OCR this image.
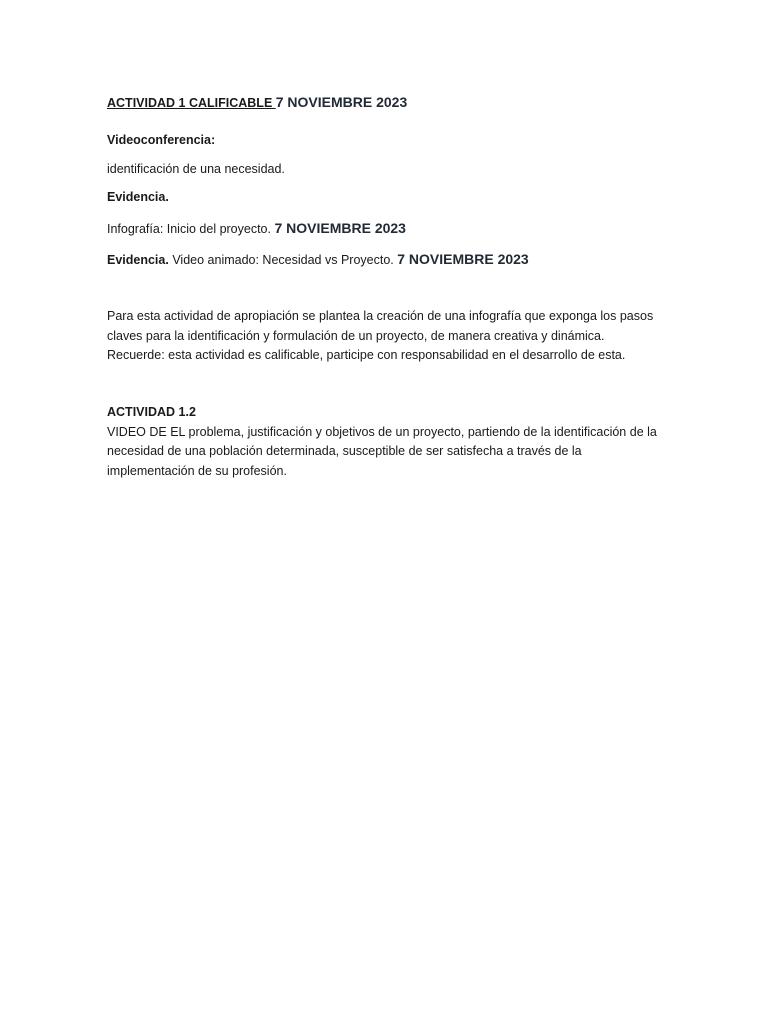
ACTIVIDAD 1 CALIFICABLE 7 NOVIEMBRE 2023
Videoconferencia:
identificación de una necesidad.
Evidencia.
Infografía: Inicio del proyecto. 7 NOVIEMBRE 2023
Evidencia. Video animado: Necesidad vs Proyecto. 7 NOVIEMBRE 2023
Para esta actividad de apropiación se plantea la creación de una infografía que exponga los pasos
claves para la identificación y formulación de un proyecto, de manera creativa y dinámica.
Recuerde: esta actividad es calificable, participe con responsabilidad en el desarrollo de esta.
ACTIVIDAD 1.2
VIDEO DE EL problema, justificación y objetivos de un proyecto, partiendo de la identificación de la
necesidad de una población determinada, susceptible de ser satisfecha a través de la
implementación de su profesión.
